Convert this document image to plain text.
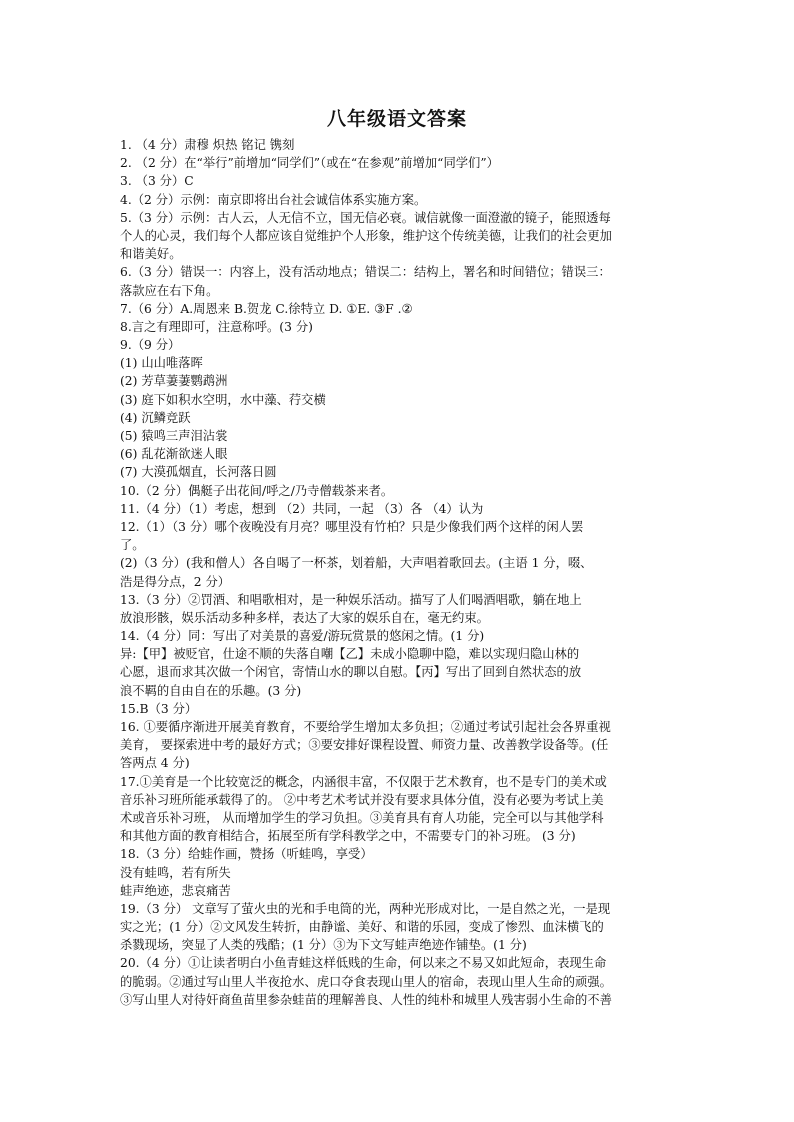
八年级语文答案
1. （4 分）肃穆 炽热 铭记 镌刻
2. （2 分）在“举行”前增加“同学们”（或在“在参观”前增加“同学们”）
3. （3 分）C
4.（2 分）示例：南京即将出台社会诚信体系实施方案。
5.（3 分）示例：古人云，人无信不立，国无信必衰。诚信就像一面澄澈的镜子，能照透每
个人的心灵，我们每个人都应该自觉维护个人形象，维护这个传统美德，让我们的社会更加
和谐美好。
6.（3 分）错误一：内容上，没有活动地点；错误二：结构上，署名和时间错位；错误三：
落款应在右下角。
7.（6 分）A.周恩来 B.贺龙 C.徐特立 D. ①E. ③F .②
8.言之有理即可，注意称呼。(3 分)
9.（9 分）
(1) 山山唯落晖
(2) 芳草萋萋鹦鹉洲
(3) 庭下如积水空明，水中藻、荇交横
(4) 沉鳞竞跃
(5) 猿鸣三声泪沾裳
(6) 乱花渐欲迷人眼
(7) 大漠孤烟直，长河落日圆
10.（2 分）偶艇子出花间/呼之/乃寺僧载茶来者。
11.（4 分）（1）考虑，想到 （2）共同，一起 （3）各 （4）认为
12.（1）（3 分）哪个夜晚没有月亮？哪里没有竹柏？只是少像我们两个这样的闲人罢
了。
(2)（3 分）(我和僧人）各自喝了一杯茶，划着船，大声唱着歌回去。(主语 1 分，啜、
浩是得分点，2 分）
13.（3 分）②罚酒、和唱歌相对，是一种娱乐活动。描写了人们喝酒唱歌，躺在地上
放浪形骸，娱乐活动多种多样，表达了大家的娱乐自在，毫无约束。
14.（4 分）同：写出了对美景的喜爱/游玩赏景的悠闲之情。(1 分)
异:【甲】被贬官，仕途不顺的失落自嘲【乙】未成小隐聊中隐，难以实现归隐山林的
心愿，退而求其次做一个闲官，寄情山水的聊以自慰。【丙】写出了回到自然状态的放
浪不羁的自由自在的乐趣。(3 分)
15.B（3 分）
16. ①要循序渐进开展美育教育，不要给学生增加太多负担；②通过考试引起社会各界重视
美育， 要探索进中考的最好方式；③要安排好课程设置、师资力量、改善教学设备等。(任
答两点 4 分)
17.①美育是一个比较宽泛的概念，内涵很丰富，不仅限于艺术教育，也不是专门的美术或
音乐补习班所能承载得了的。 ②中考艺术考试并没有要求具体分值，没有必要为考试上美
术或音乐补习班， 从而增加学生的学习负担。③美育具有育人功能，完全可以与其他学科
和其他方面的教育相结合，拓展至所有学科教学之中，不需要专门的补习班。 (3 分)
18.（3 分）给蛙作画，赞扬（听蛙鸣，享受）
没有蛙鸣，若有所失
蛙声绝迹，悲哀痛苦
19.（3 分） 文章写了萤火虫的光和手电筒的光，两种光形成对比，一是自然之光，一是现
实之光；(1 分）②文风发生转折，由静谧、美好、和谐的乐园，变成了惨烈、血沫横飞的
杀戮现场，突显了人类的残酷；(1 分）③为下文写蛙声绝迹作铺垫。(1 分)
20.（4 分）①让读者明白小鱼青蛙这样低贱的生命，何以来之不易又如此短命，表现生命
的脆弱。②通过写山里人半夜抢水、虎口夺食表现山里人的宿命，表现山里人生命的顽强。
③写山里人对待奸商鱼苗里参杂蛙苗的理解善良、人性的纯朴和城里人残害弱小生命的不善
